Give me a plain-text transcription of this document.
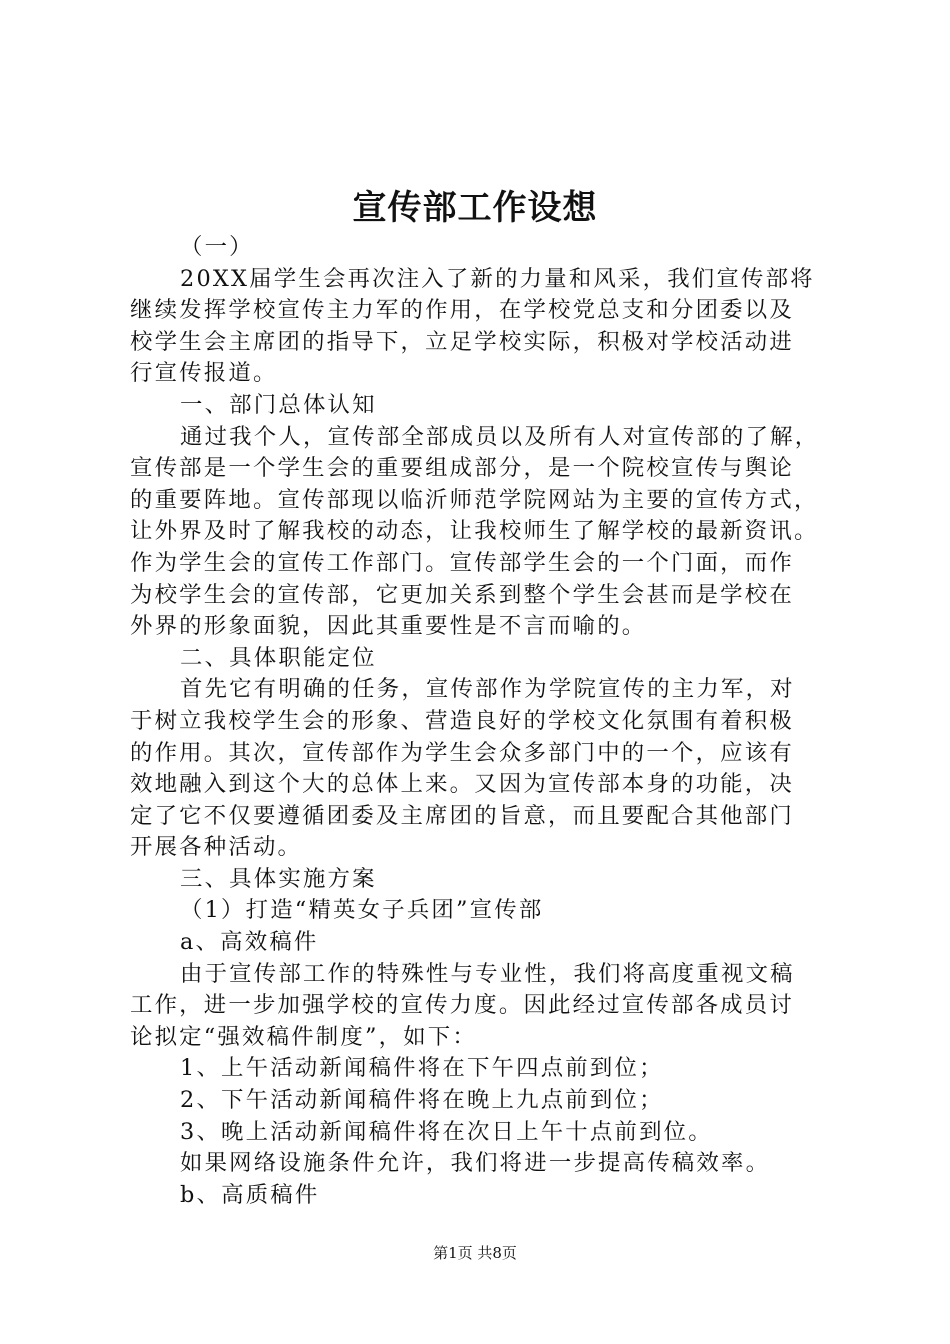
宣传部工作设想

（一）

20XX届学生会再次注入了新的力量和风采，我们宣传部将

继续发挥学校宣传主力军的作用，在学校党总支和分团委以及

校学生会主席团的指导下，立足学校实际，积极对学校活动进

行宣传报道。

一、部门总体认知

通过我个人，宣传部全部成员以及所有人对宣传部的了解，

宣传部是一个学生会的重要组成部分，是一个院校宣传与舆论

的重要阵地。宣传部现以临沂师范学院网站为主要的宣传方式，

让外界及时了解我校的动态，让我校师生了解学校的最新资讯。

作为学生会的宣传工作部门。宣传部学生会的一个门面，而作

为校学生会的宣传部，它更加关系到整个学生会甚而是学校在

外界的形象面貌，因此其重要性是不言而喻的。

二、具体职能定位

首先它有明确的任务，宣传部作为学院宣传的主力军，对

于树立我校学生会的形象、营造良好的学校文化氛围有着积极

的作用。其次，宣传部作为学生会众多部门中的一个，应该有

效地融入到这个大的总体上来。又因为宣传部本身的功能，决

定了它不仅要遵循团委及主席团的旨意，而且要配合其他部门

开展各种活动。

三、具体实施方案

（1）打造“精英女子兵团”宣传部

a、高效稿件

由于宣传部工作的特殊性与专业性，我们将高度重视文稿

工作，进一步加强学校的宣传力度。因此经过宣传部各成员讨

论拟定“强效稿件制度”，如下：

1、上午活动新闻稿件将在下午四点前到位；

2、下午活动新闻稿件将在晚上九点前到位；

3、晚上活动新闻稿件将在次日上午十点前到位。

如果网络设施条件允许，我们将进一步提高传稿效率。

b、高质稿件

第1页 共8页
